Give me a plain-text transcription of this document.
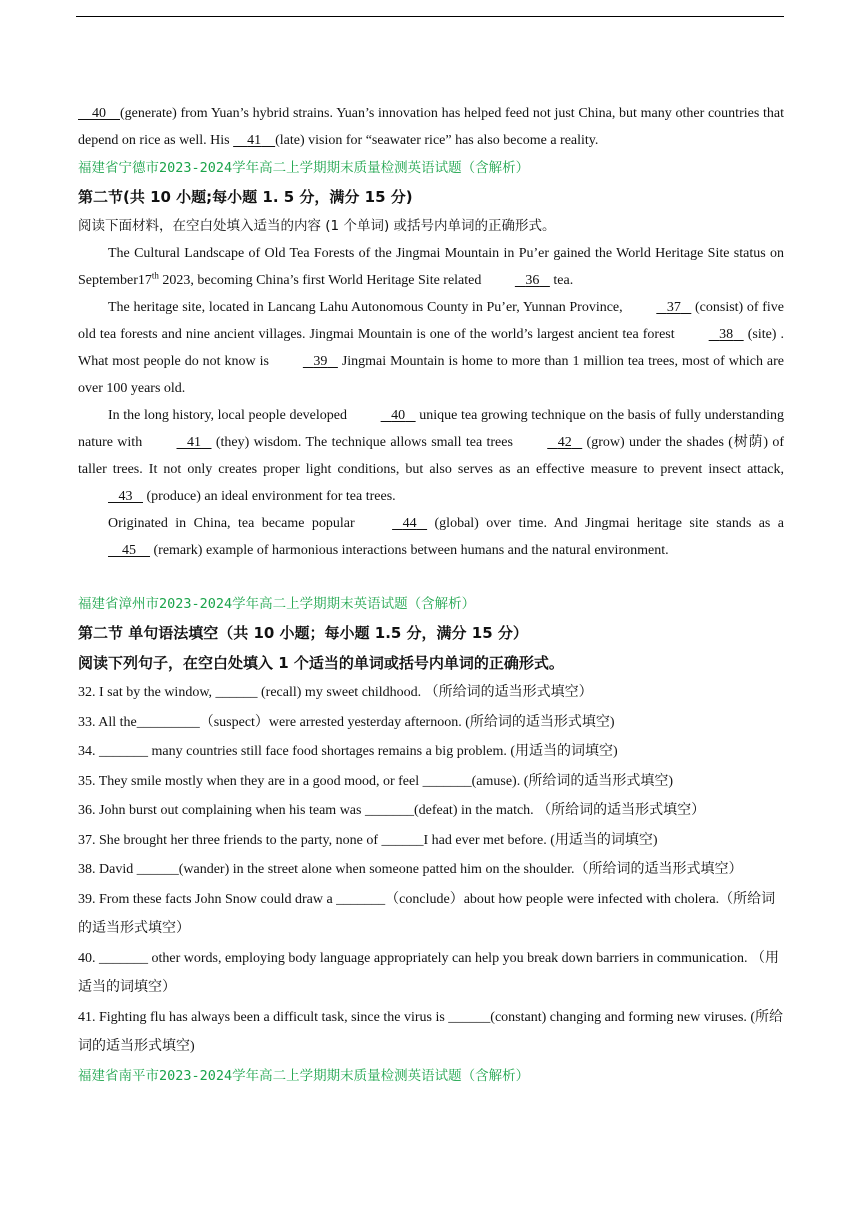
40 (generate) from Yuan’s hybrid strains. Yuan’s innovation has helped feed not just China, but many other countries that depend on rice as well. His     41 (late) vision for “seawater rice” has also become a reality.

福建省宁德市2023-2024学年高二上学期期末质量检测英语试题（含解析）

第二节(共 10 小题;每小题 1. 5 分，满分 15 分)

阅读下面材料，在空白处填入适当的内容 (1 个单词) 或括号内单词的正确形式。

The Cultural Landscape of Old Tea Forests of the Jingmai Mountain in Pu’er gained the World Heritage Site status on September17th 2023, becoming China’s first World Heritage Site related	36    tea.

The heritage site, located in Lancang Lahu Autonomous County in Pu’er, Yunnan Province,	37    (consist) of five old tea forests and nine ancient villages. Jingmai Mountain is one of the world’s largest ancient tea forest	38    (site) . What most people do not know is	39    Jingmai Mountain is home to more than 1 million tea trees, most of which are over 100 years old.

In the long history, local people developed	40    unique tea growing technique on the basis of fully understanding nature with	41    (they) wisdom. The technique allows small tea trees	42    (grow) under the shades (树荫) of taller trees. It not only creates proper light conditions, but also serves as an effective measure to prevent insect attack,    43    (produce) an ideal environment for tea trees.

Originated in China, tea became popular	44    (global) over time. And Jingmai heritage site stands as a     45     (remark) example of harmonious interactions between humans and the natural environment.

福建省漳州市2023-2024学年高二上学期期末英语试题（含解析）

第二节 单句语法填空（共 10 小题；每小题 1.5 分，满分 15 分）

阅读下列句子，在空白处填入 1 个适当的单词或括号内单词的正确形式。

32. I sat by the window, ______ (recall) my sweet childhood. （所给词的适当形式填空）

33. All the_________（suspect）were arrested yesterday afternoon. (所给词的适当形式填空)

34. _______ many countries still face food shortages remains a big problem. (用适当的词填空)

35. They smile mostly when they are in a good mood, or feel _______(amuse). (所给词的适当形式填空)

36. John burst out complaining when his team was _______(defeat) in the match. （所给词的适当形式填空）

37. She brought her three friends to the party, none of ______I had ever met before. (用适当的词填空)

38. David ______(wander) in the street alone when someone patted him on the shoulder.（所给词的适当形式填空）

39. From these facts John Snow could draw a _______（conclude）about how people were infected with cholera.（所给词的适当形式填空）

40. _______ other words, employing body language appropriately can help you break down barriers in communication. （用适当的词填空）

41. Fighting flu has always been a difficult task, since the virus is ______(constant) changing and forming new viruses. (所给词的适当形式填空)

福建省南平市2023-2024学年高二上学期期末质量检测英语试题（含解析）
